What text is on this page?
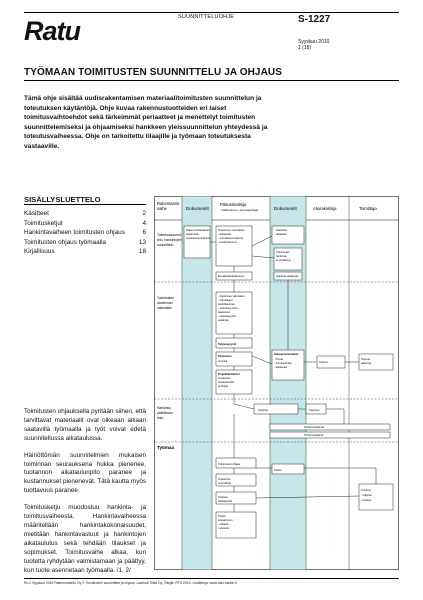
Ratu	SUUNNITTELUOHJE	S-1227
Syyskuu 2010
1 (18)
TYÖMAAN TOIMITUSTEN SUUNNITTELU JA OHJAUS
Tämä ohje sisältää uudisrakentamisen materiaalitoimitusten suunnittelun ja toteutuksen käytäntöjä. Ohje kuvaa rakennustuotteiden eri laiset toimitusvaihtoehdot sekä tärkeimmät periaatteet ja menettelyt toimitusten suunnittelemiseksi ja ohjaamiseksi hankkeen yleissuunnittelun yhteydessä ja toteutusvaiheessa. Ohje on tarkoitettu tilaajille ja työmaan toteutuksesta vastaaville.
SISÄLLYSLUETTELO
Käsitteet	2
Toimitusketjut	4
Hankintavaiheen toimitusten ohjaus	6
Toimitusten ohjaus työmaalla	13
Kirjallisuus	18

Toimitusten ohjauksella pyritään siihen, että tarvittavat materiaalit ovat oikeaan aikaan saatavilla työmaalla ja työt voivat edetä suunnitellussa aikataulussa.

Häiriöttömän suunnitelmien mukaisen toiminnan seurauksena hukka pienenee, tuotannon aikataulunpito paranee ja kustannukset pienenevät. Tätä kautta myös tuottavuus paranee.

Toimitusketju muodostuu hankinta- ja toimitusvaiheesta. Hankintavaiheessa määritellään hankintakokonaisuudet, mietitään hankintavastuut ja hankintojen aikataulutus sekä tehdään tilaukset ja sopimukset. Toimitusvaihe alkaa, kun tuotetta ryhdytään valmistamaan ja päättyy, kun tuote asennetaan työmaalla. /1, 2/

Rakentamis-
vaihe	Dokumentit
Pääurakoitsija
• hallinnoinnin • työmaajohtajat	Dokumentit	Aliurakoitsija	Toimittaja
Toteutussuunnit-
telu, hankintojen
suunnittelu
Toimitusten
hankinnan
valmistelu
Hankinta-
päätöksen
teko
Työmaa
Rakennushankkeen
ohjelmointi,
tuotantosuunnitelma
Tuotannon suunnittelu:
- aikataulut
- työmaasuunnitelma
- hankintasuunn.
Hankinta-
aikataulu
Toimitusten
hankinta-
suunnitelma
Ennakkotiedottaminen	Hankinta-asiakirjat
- hankinnan valmistelu
- toimittajien
kartoittaminen
- tarjouspyynnön
laatiminen
- tarjouspyyntö-
asiakirjat
Tarjouspyyntö
Tarjousten
arviointi
Projektikohtaiset
kuvaukset,
toimitusehdot
ja ohjeet
Kauppaneuvottelut
- hinnat
- toimitusehdot
- aikataulut
Tarjous
Tarjous-
laskenta
Sopimus	Sopimus
Toimitusohjelmat
Toimitusohjelma
Toimitusten ohjaus
Tuotannon
suunnittelu
Kuittaus
Vastaanotto
Tiedot-
kokoaminen
- palaute
- arviointi
Tiedot
Toimitus
- kuljetus
- lastaus
RL/1 Syyskuu 2010 Rakennustieto Oy © Toimitusten suunnittelu ja ohjaus. Laatinut Tiililä Oy, Tekijät: RTS 2010. Lisätietoja: www.ratu-hanke.fi
